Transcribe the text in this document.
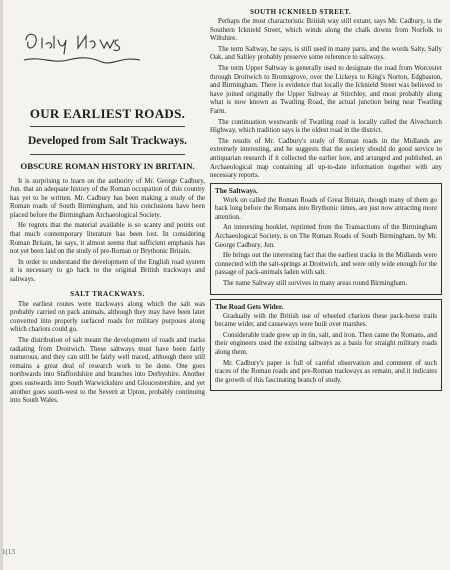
OUR EARLIEST ROADS.
Developed from Salt Trackways.
OBSCURE ROMAN HISTORY IN BRITAIN.

It is surprising to learn on the authority of Mr. George Cadbury, Jun. that an adequate history of the Roman occupation of this country has yet to be written. Mr. Cadbury has been making a study of the Roman roads of South Birmingham, and his conclusions have been placed before the Birmingham Archaeological Society.

He regrets that the material available is so scanty and points out that much contemporary literature has been lost. In considering Roman Britain, he says, it almost seems that sufficient emphasis has not yet been laid on the study of pre-Roman or Brythonic Britain.

In order to understand the development of the English road system it is necessary to go back to the original British trackways and saltways.

SALT TRACKWAYS.

The earliest routes were trackways along which the salt was probably carried on pack animals, although they may have been later converted into properly surfaced roads for military purposes along which chariots could go.

The distribution of salt meant the development of roads and tracks radiating from Droitwich. These saltways must have been fairly numerous, and they can still be fairly well traced, although there still remains a great deal of research work to be done. One goes northwards into Staffordshire and branches into Derbyshire. Another goes eastwards into South Warwickshire and Gloucestershire, and yet another goes south-west to the Severn at Upton, probably continuing into South Wales.

SOUTH ICKNIELD STREET.

Perhaps the most characteristic British way still extant, says Mr. Cadbury, is the Southern Icknield Street, which winds along the chalk downs from Norfolk to Wiltshire.

The term Saltway, he says, is still used in many parts, and the words Salty, Sally Oak, and Saltley probably preserve some reference to saltways.

The term Upper Saltway is generally used to designate the road from Worcester through Droitwich to Bromsgrove, over the Lickeys to King's Norton, Edgbaston, and Birmingham. There is evidence that locally the Icknield Street was believed to have joined originally the Upper Saltway at Stirchley, and most probably along what is now known as Twatling Road, the actual junction being near Twatling Farm.

The continuation westwards of Twatling road is locally called the Alvechurch Highway, which tradition says is the oldest road in the district.

The results of Mr. Cadbury's study of Roman roads in the Midlands are extremely interesting, and he suggests that the society should do good service to antiquarian research if it collected the earlier lore, and arranged and published, an Archaeological map containing all up-to-date information together with any necessary reports.

The Saltways.

Work on called the Roman Roads of Great Britain, though many of them go back long before the Romans into Brythonic times, are just now attracting more attention.

An interesting booklet, reprinted from the Transactions of the Birmingham Archaeological Society, is on The Roman Roads of South Birmingham, by Mr. George Cadbury, Jun.

He brings out the interesting fact that the earliest tracks in the Midlands were connected with the salt-springs at Droitwich, and were only wide enough for the passage of pack-animals laden with salt.

The name Saltway still survives in many areas round Birmingham.

The Road Gets Wider.

Gradually with the British use of wheeled chariots these pack-horse trails became wider, and causeways were built over marshes.

Considerable trade grew up in tin, salt, and iron. Then came the Romans, and their engineers used the existing saltways as a basis for straight military roads along them.

Mr. Cadbury's paper is full of careful observation and comment of such traces of the Roman roads and pre-Roman trackways as remain, and it indicates the growth of this fascinating branch of study.

1(13
